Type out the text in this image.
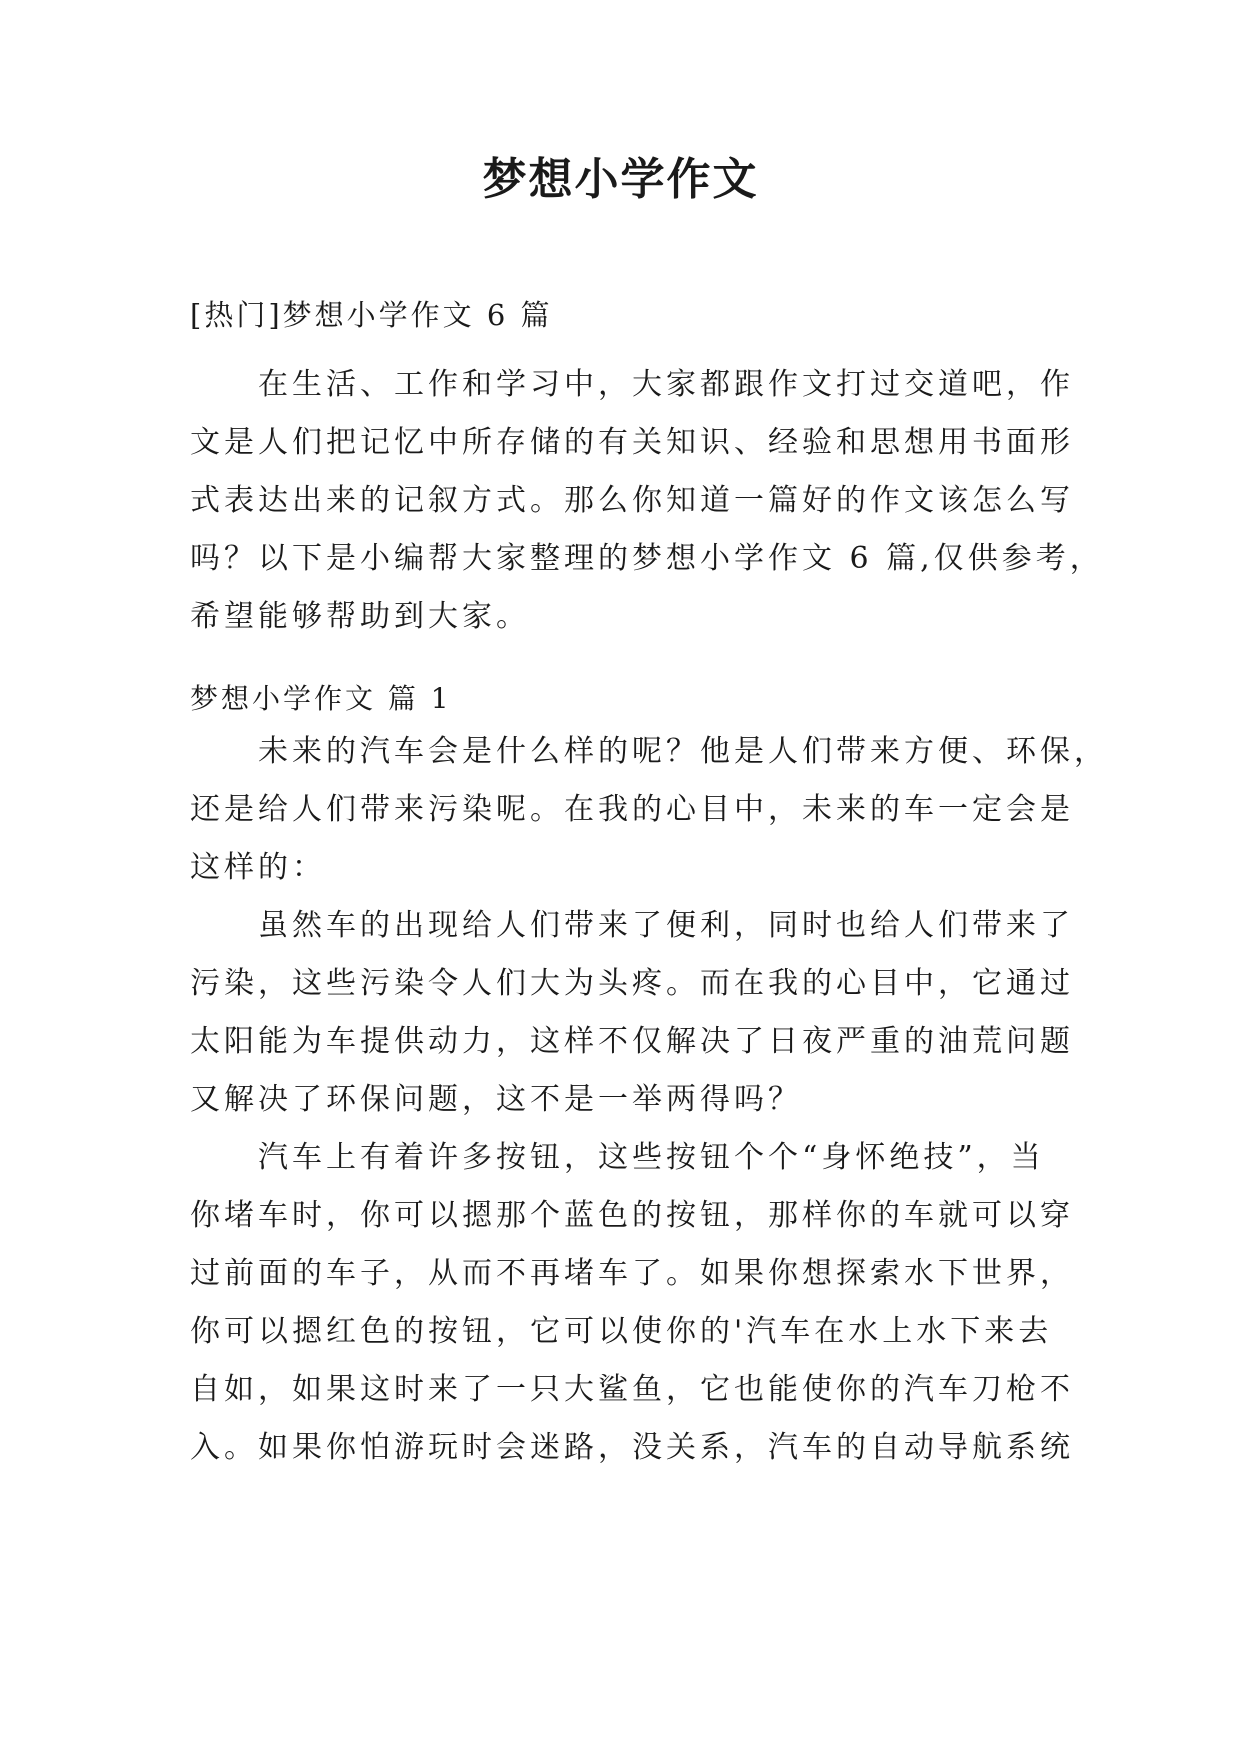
梦想小学作文
[热门]梦想小学作文 6 篇
在生活、工作和学习中，大家都跟作文打过交道吧，作
文是人们把记忆中所存储的有关知识、经验和思想用书面形
式表达出来的记叙方式。那么你知道一篇好的作文该怎么写
吗？以下是小编帮大家整理的梦想小学作文 6 篇,仅供参考，
希望能够帮助到大家。
梦想小学作文 篇 1
未来的汽车会是什么样的呢？他是人们带来方便、环保，
还是给人们带来污染呢。在我的心目中，未来的车一定会是
这样的：
虽然车的出现给人们带来了便利，同时也给人们带来了
污染，这些污染令人们大为头疼。而在我的心目中，它通过
太阳能为车提供动力，这样不仅解决了日夜严重的油荒问题
又解决了环保问题，这不是一举两得吗？
汽车上有着许多按钮，这些按钮个个“身怀绝技”，当
你堵车时，你可以摁那个蓝色的按钮，那样你的车就可以穿
过前面的车子，从而不再堵车了。如果你想探索水下世界，
你可以摁红色的按钮，它可以使你的'汽车在水上水下来去
自如，如果这时来了一只大鲨鱼，它也能使你的汽车刀枪不
入。如果你怕游玩时会迷路，没关系，汽车的自动导航系统
